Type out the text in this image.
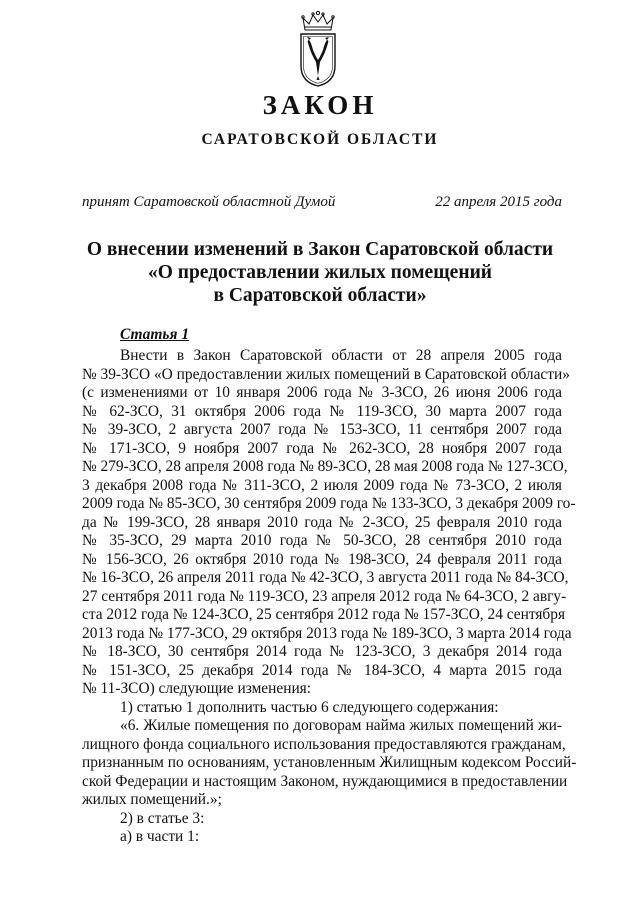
ЗАКОН
САРАТОВСКОЙ ОБЛАСТИ
принят Саратовской областной Думой	22 апреля 2015 года
О внесении изменений в Закон Саратовской области
«О предоставлении жилых помещений
в Саратовской области»
Статья 1
Внести в Закон Саратовской области от 28 апреля 2005 года
№ 39-ЗСО «О предоставлении жилых помещений в Саратовской области»
(с изменениями от 10 января 2006 года № 3-ЗСО, 26 июня 2006 года
№ 62-ЗСО, 31 октября 2006 года № 119-ЗСО, 30 марта 2007 года
№ 39-ЗСО, 2 августа 2007 года № 153-ЗСО, 11 сентября 2007 года
№ 171-ЗСО, 9 ноября 2007 года № 262-ЗСО, 28 ноября 2007 года
№ 279-ЗСО, 28 апреля 2008 года № 89-ЗСО, 28 мая 2008 года № 127-ЗСО,
3 декабря 2008 года № 311-ЗСО, 2 июля 2009 года № 73-ЗСО, 2 июля
2009 года № 85-ЗСО, 30 сентября 2009 года № 133-ЗСО, 3 декабря 2009 го-
да № 199-ЗСО, 28 января 2010 года № 2-ЗСО, 25 февраля 2010 года
№ 35-ЗСО, 29 марта 2010 года № 50-ЗСО, 28 сентября 2010 года
№ 156-ЗСО, 26 октября 2010 года № 198-ЗСО, 24 февраля 2011 года
№ 16-ЗСО, 26 апреля 2011 года № 42-ЗСО, 3 августа 2011 года № 84-ЗСО,
27 сентября 2011 года № 119-ЗСО, 23 апреля 2012 года № 64-ЗСО, 2 авгу-
ста 2012 года № 124-ЗСО, 25 сентября 2012 года № 157-ЗСО, 24 сентября
2013 года № 177-ЗСО, 29 октября 2013 года № 189-ЗСО, 3 марта 2014 года
№ 18-ЗСО, 30 сентября 2014 года № 123-ЗСО, 3 декабря 2014 года
№ 151-ЗСО, 25 декабря 2014 года № 184-ЗСО, 4 марта 2015 года
№ 11-ЗСО) следующие изменения:
1) статью 1 дополнить частью 6 следующего содержания:
«6. Жилые помещения по договорам найма жилых помещений жи-
лищного фонда социального использования предоставляются гражданам,
признанным по основаниям, установленным Жилищным кодексом Россий-
ской Федерации и настоящим Законом, нуждающимися в предоставлении
жилых помещений.»;
2) в статье 3:
а) в части 1:
